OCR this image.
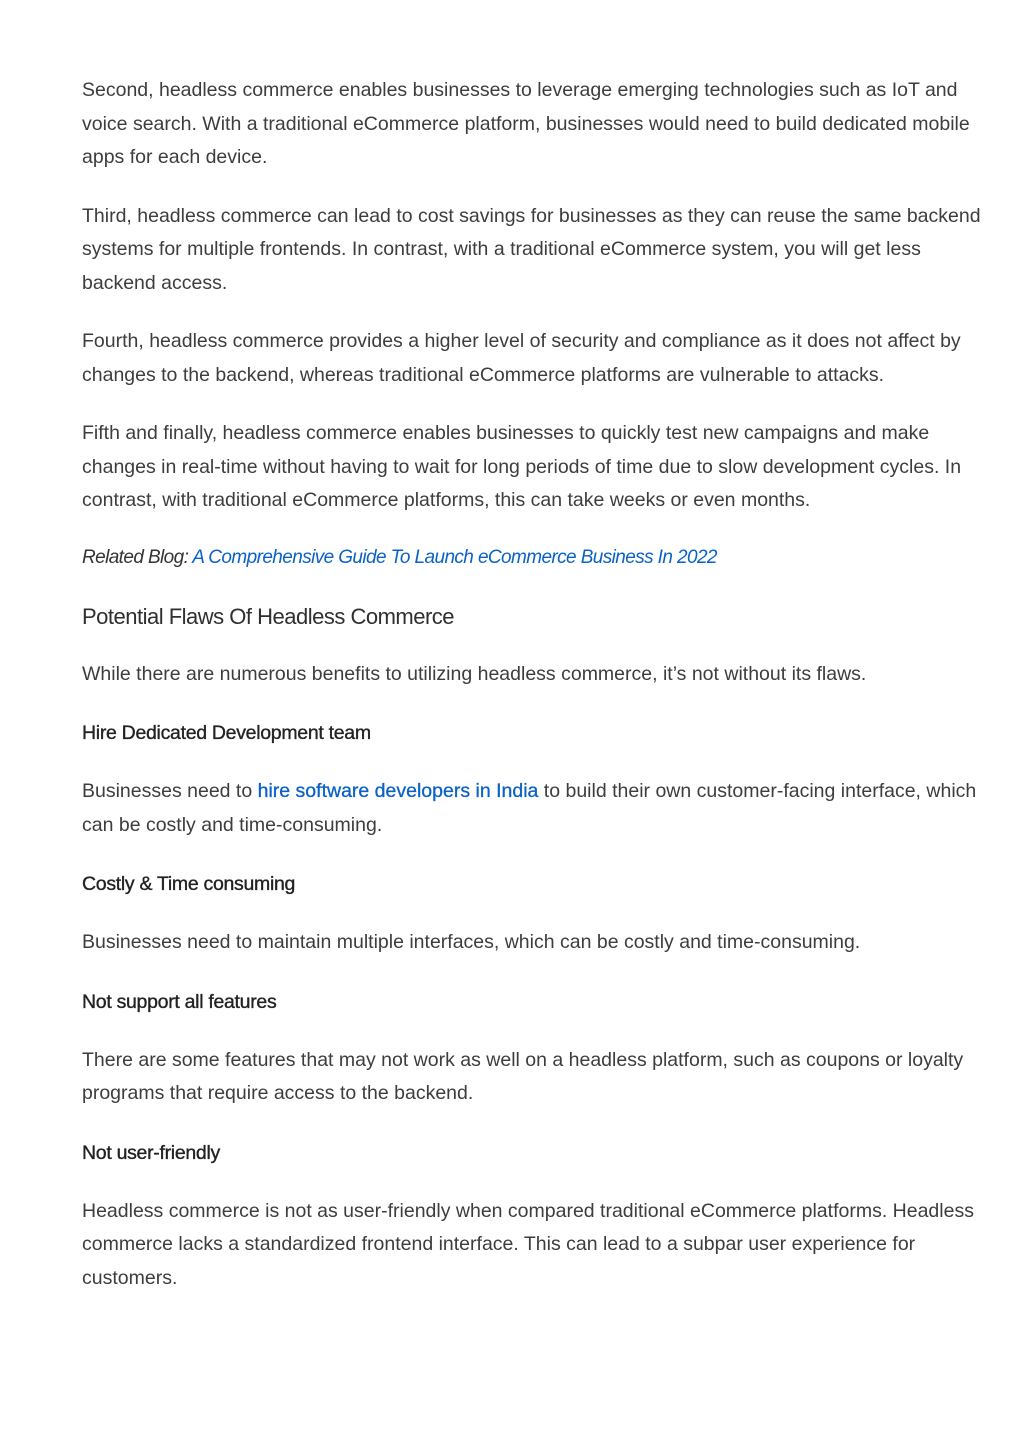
Second, headless commerce enables businesses to leverage emerging technologies such as IoT and voice search. With a traditional eCommerce platform, businesses would need to build dedicated mobile apps for each device.

Third, headless commerce can lead to cost savings for businesses as they can reuse the same backend systems for multiple frontends. In contrast, with a traditional eCommerce system, you will get less backend access.

Fourth, headless commerce provides a higher level of security and compliance as it does not affect by changes to the backend, whereas traditional eCommerce platforms are vulnerable to attacks.

Fifth and finally, headless commerce enables businesses to quickly test new campaigns and make changes in real-time without having to wait for long periods of time due to slow development cycles. In contrast, with traditional eCommerce platforms, this can take weeks or even months.

Related Blog: A Comprehensive Guide To Launch eCommerce Business In 2022

Potential Flaws Of Headless Commerce

While there are numerous benefits to utilizing headless commerce, it’s not without its flaws.

Hire Dedicated Development team

Businesses need to hire software developers in India to build their own customer-facing interface, which can be costly and time-consuming.

Costly & Time consuming

Businesses need to maintain multiple interfaces, which can be costly and time-consuming.

Not support all features

There are some features that may not work as well on a headless platform, such as coupons or loyalty programs that require access to the backend.

Not user-friendly

Headless commerce is not as user-friendly when compared traditional eCommerce platforms. Headless commerce lacks a standardized frontend interface. This can lead to a subpar user experience for customers.
